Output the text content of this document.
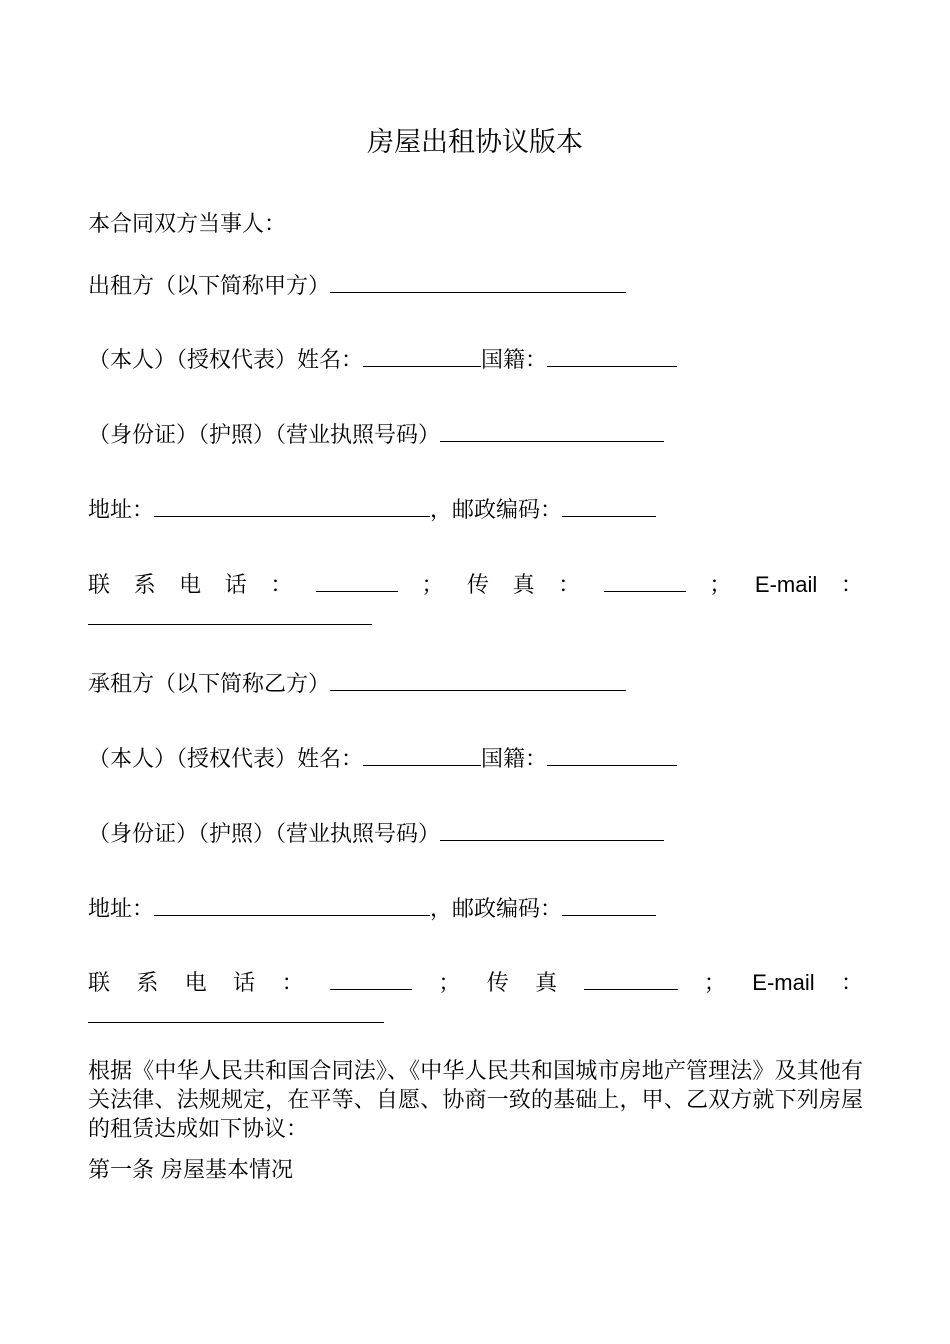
房屋出租协议版本
本合同双方当事人：
出租方（以下简称甲方）
（本人）（授权代表）姓名：	国籍：
（身份证）（护照）（营业执照号码）
地址：	，邮政编码：
联 系 电 话 ：	； 传 真 ：	； E-mail ：
承租方（以下简称乙方）
（本人）（授权代表）姓名：	国籍：
（身份证）（护照）（营业执照号码）
地址：	，邮政编码：
联 系 电 话 ：	； 传 真	； E-mail ：
根据《中华人民共和国合同法》、《中华人民共和国城市房地产管理法》及其他有关法律、法规规定，在平等、自愿、协商一致的基础上，甲、乙双方就下列房屋的租赁达成如下协议：
第一条 房屋基本情况
